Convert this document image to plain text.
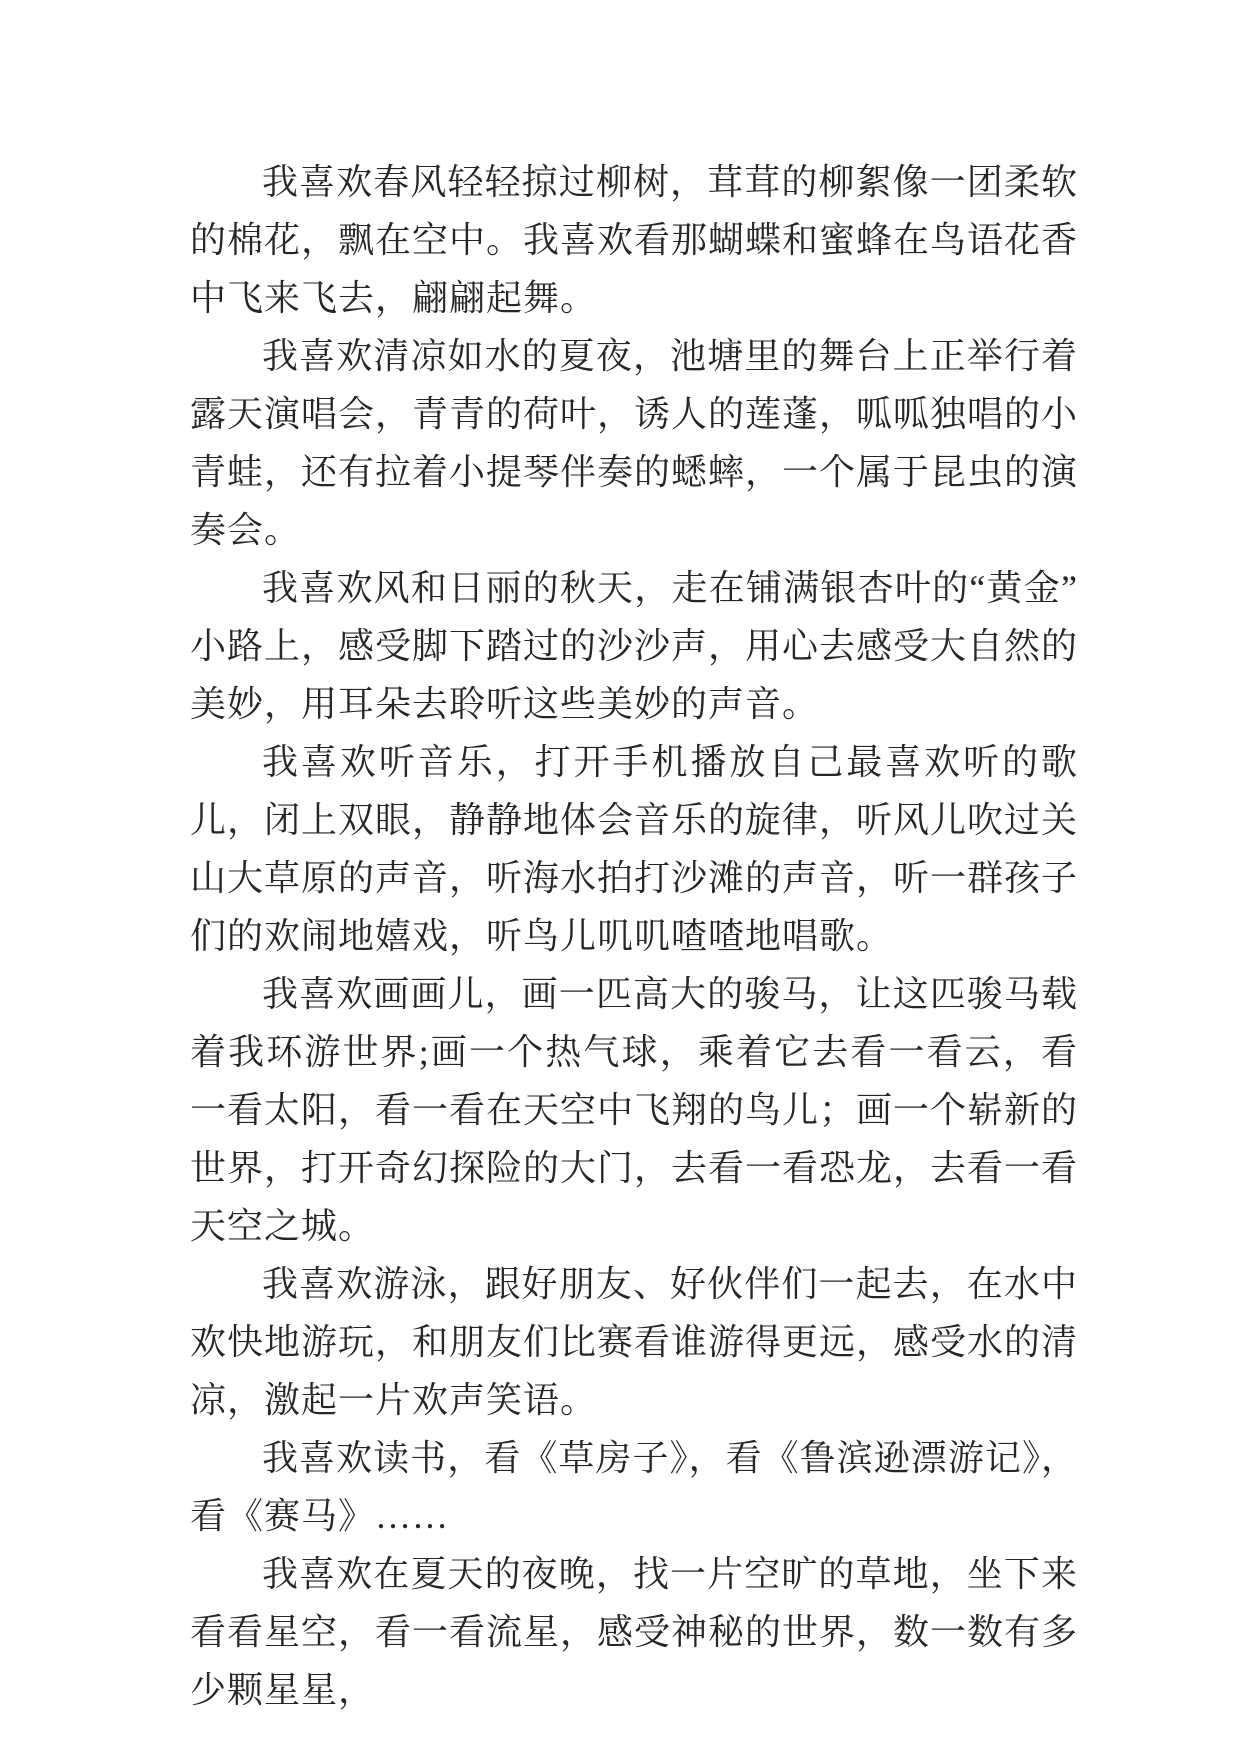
我喜欢春风轻轻掠过柳树，茸茸的柳絮像一团柔软的棉花，飘在空中。我喜欢看那蝴蝶和蜜蜂在鸟语花香中飞来飞去，翩翩起舞。

我喜欢清凉如水的夏夜，池塘里的舞台上正举行着露天演唱会，青青的荷叶，诱人的莲蓬，呱呱独唱的小青蛙，还有拉着小提琴伴奏的蟋蟀，一个属于昆虫的演奏会。

我喜欢风和日丽的秋天，走在铺满银杏叶的“黄金”小路上，感受脚下踏过的沙沙声，用心去感受大自然的美妙，用耳朵去聆听这些美妙的声音。

我喜欢听音乐，打开手机播放自己最喜欢听的歌儿，闭上双眼，静静地体会音乐的旋律，听风儿吹过关山大草原的声音，听海水拍打沙滩的声音，听一群孩子们的欢闹地嬉戏，听鸟儿叽叽喳喳地唱歌。

我喜欢画画儿，画一匹高大的骏马，让这匹骏马载着我环游世界;画一个热气球，乘着它去看一看云，看一看太阳，看一看在天空中飞翔的鸟儿；画一个崭新的世界，打开奇幻探险的大门，去看一看恐龙，去看一看天空之城。

我喜欢游泳，跟好朋友、好伙伴们一起去，在水中欢快地游玩，和朋友们比赛看谁游得更远，感受水的清凉，激起一片欢声笑语。

我喜欢读书，看《草房子》，看《鲁滨逊漂游记》，看《赛马》……

我喜欢在夏天的夜晚，找一片空旷的草地，坐下来看看星空，看一看流星，感受神秘的世界，数一数有多少颗星星，
